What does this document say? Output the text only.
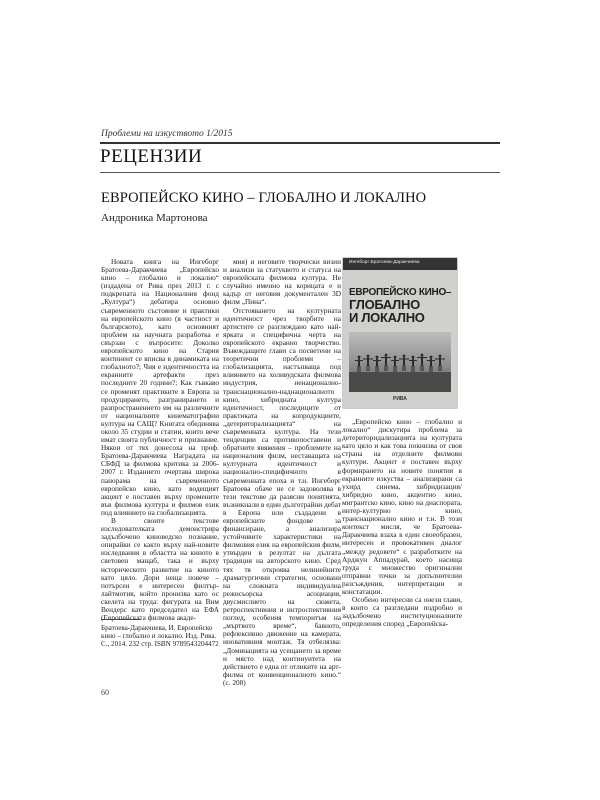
Проблеми на изкуството 1/2015
РЕЦЕНЗИИ
ЕВРОПЕЙСКО КИНО – ГЛОБАЛНО И ЛОКАЛНО
Андроника Мартонова

Новата книга на Ингеборг Братоева-Даракчиева „Европейско кино – глобално и локално“ (издадена от Рива през 2013 г. с подкрепата на Националния фонд „Култура“) дебатира основно съвременното състояние и практики на европейското кино (в частност и българското), като основният проблем на научната разработка е свързан с въпросите: Доколко европейското кино на Стария континент се вписва в динамиката на глобалното?; Чия е идентичността на екранните артефакти през последните 20 години?; Как гъвкаво се променят практиките в Европа за продуцирането, разгранирането и разпространението им на различните от националните кинематографии култура на САЩ? Книгата обединява около 35 студии и статии, които вече имат своята публичност и признание. Някои от тях донесоха на проф. Братоева-Даракчиева Наградата на СБФД за филмова критика за 2006-2007 г. Изданието очертава широка панорама на съвременното европейско кино, като водещият акцент е поставен върху промените във филмова култура и филмов език под влиянието на глобализацията.

В своите текстове изследователката демонстрира задълбочено киноведско познание, опирайки се както върху най-новите изследвания в областта на киното в световен мащаб, така и върху историческото развитие на киното като цяло. Дори неща повече – потърсен е интересен филтър-лайтмотив, който пронизва като ос скелета на труда: фигурата на Вим Вендерс като председател на ЕФА (Европейската филмова акаде-

мия) и неговите творчески визии и анализи за статуквото и статуса на европейската филмова култура. Не случайно именно на корицата е и кадър от неговия документален 3D филм „Пина“.

Отстояването на културната идентичност чрез творбите на артистите се разглеждано като най-ярката и специфична черта на европейското екранно творчество. Въвеждащите глави са посветени на теоретични проблеми – глобализацията, настъпваща под влиянието на холивудската филмова индустрия, ненационално-транснационално-наднационалното кино, хибридната култура идентичност, последиците от практиката на копродукциите, „детериторализацията“ на съвременната култура. На тези тенденции са противопоставени и обратните явявения – проблемите на националния филм, неставащата на културната идентичност и национално-специфичното в съвременната епоха и т.н. Ингеборг Братоева обаче не се задоволява в тези текстове да разясни понятията, възникнали в един дълготрайни дебат в Европа или създадени в европейските фондове за финансиране, а анализира устойчивите характеристики на филмовия език на европейския филм, утвърден в резултат на дългата традиция на авторското кино. Сред тях тя откроява нелинейните драматургични стратегии, основани на сложната индивидуална режисьорска асоциация, двусмислието на сюжета, ретроспективния и интроспективния поглед, особения темпоритъм на „мъртвото време“, бавното, рефлексивно движение на камерата, иновативния монтаж. Тя отбелязва: „Доминацията на усещането за време и място над континуитета на действието е една от отликите на арт-филма от конвенционалното кино.“ (с. 208)

Ингеборг Братоева-Даракчиева
ЕВРОПЕЙСКО КИНО–
ГЛОБАЛНО
И ЛОКАЛНО
РИВА

„Европейско кино – глобално и локално“ дискутира проблема за детериторидализацията на културата като цяло и как това покнизва от своя страна на отделните филмови култури. Акцент е поставен върху формирането на новите понятия в екранните изкуства – анализирани са ухирд синема, хибридизация/хибридно кино, акцентно кино, мигрантско кино, кино на диаспората, интер-културно кино, транснационално кино и т.н. В този контекст мисля, че Братоева-Даракчиева взаха в един своеобразен, интересен и провокативен диалог „между редовете“ с разработките на Арджун Аппадурай, което насища труда с множество оригинални отправни точки за допълнителни разсъждения, интерпретации и констатации.

Особено интересни са онези глави, в които са разгледани подробно и задълбочено институционалните определения според „Европейска-

Братоева-Даракчиева, И. Европейско кино – глобално и локално. Изд. Рива. С., 2014. 232 стр. ISBN 9789543204472
60
